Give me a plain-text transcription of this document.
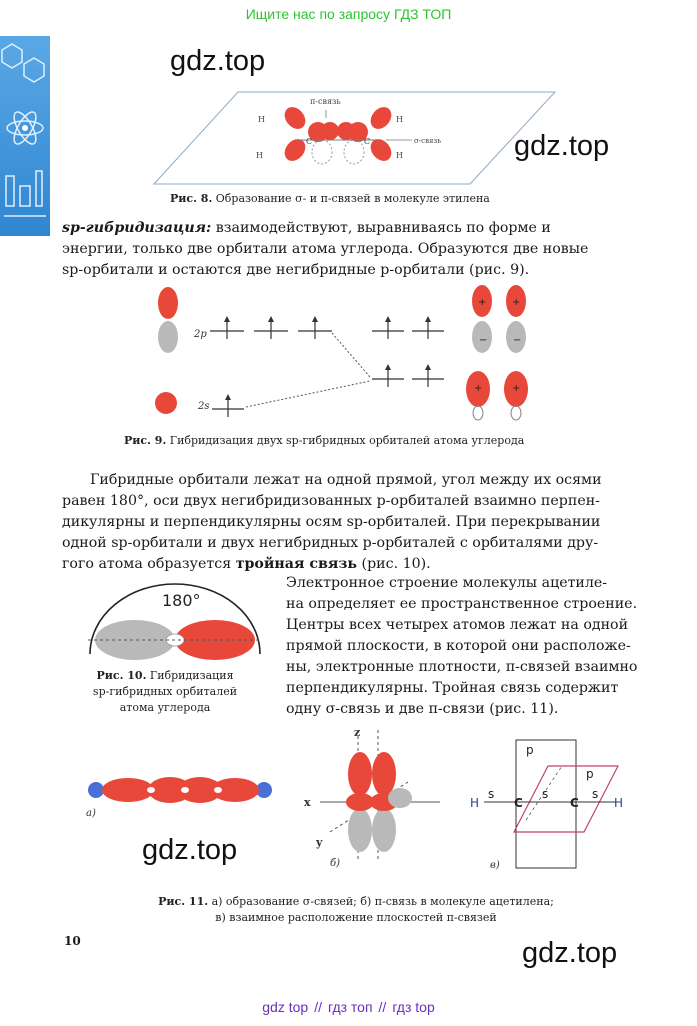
Ищите нас по запросу ГДЗ ТОП
gdz.top
gdz.top
gdz.top
gdz.top
π-связь
σ-связь
H
H
H
H
C	C
Рис. 8. Образование σ- и π-связей в молекуле этилена
sp-гибридизация: взаимодействуют, выравниваясь по форме и
энергии, только две орбитали атома углерода. Образуются две новые
sp-орбитали и остаются две негибридные p-орбитали (рис. 9).
2p
2s
+
−
+
−
+	+
Рис. 9. Гибридизация двух sp-гибридных орбиталей атома углерода
Гибридные орбитали лежат на одной прямой, угол между их осями
равен 180°, оси двух негибридизованных p-орбиталей взаимно перпен-
дикулярны и перпендикулярны осям sp-орбиталей. При перекрывании
одной sp-орбитали и двух негибридных p-орбиталей с орбиталями дру-
гого атома образуется тройная связь (рис. 10).
180°
Рис. 10. Гибридизация
sp-гибридных орбиталей
атома углерода
Электронное строение молекулы ацетиле-
на определяет ее пространственное строение.
Центры всех четырех атомов лежат на одной
прямой плоскости, в которой они расположе-
ны, электронные плотности, π-связей взаимно
перпендикулярны. Тройная связь содержит
одну σ-связь и две π-связи (рис. 11).
а)
z
x
y
б)
p
p
s	s	s
H	H
C	C
в)
Рис. 11. а) образование σ-связей; б) π-связь в молекуле ацетилена;
в) взаимное расположение плоскостей π-связей
10
gdz top // гдз топ // гдз top
